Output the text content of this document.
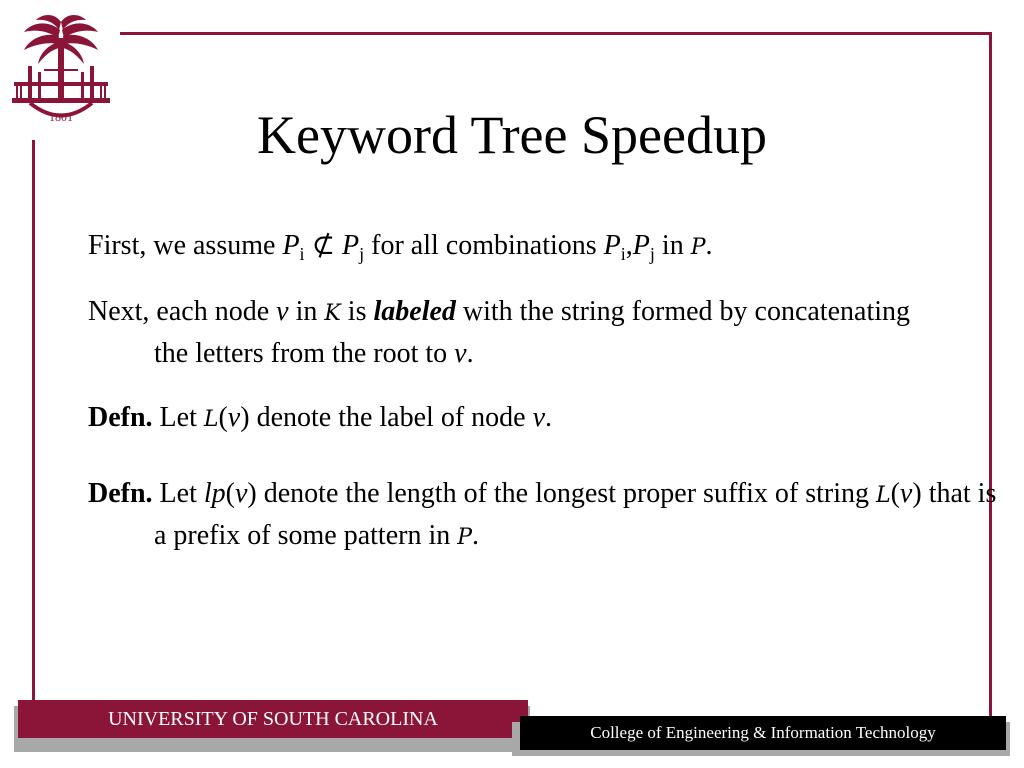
1801	Keyword Tree Speedup

First, we assume $P_i$ ⊄ $P_j$ for all combinations $P_i,P_j$ in P.

Next, each node v in K is labeled with the string formed by concatenating the letters from the root to v.

Defn. Let L(v) denote the label of node v.

Defn. Let lp(v) denote the length of the longest proper suffix of string L(v) that is a prefix of some pattern in P.

UNIVERSITY OF SOUTH CAROLINA
College of Engineering & Information Technology
